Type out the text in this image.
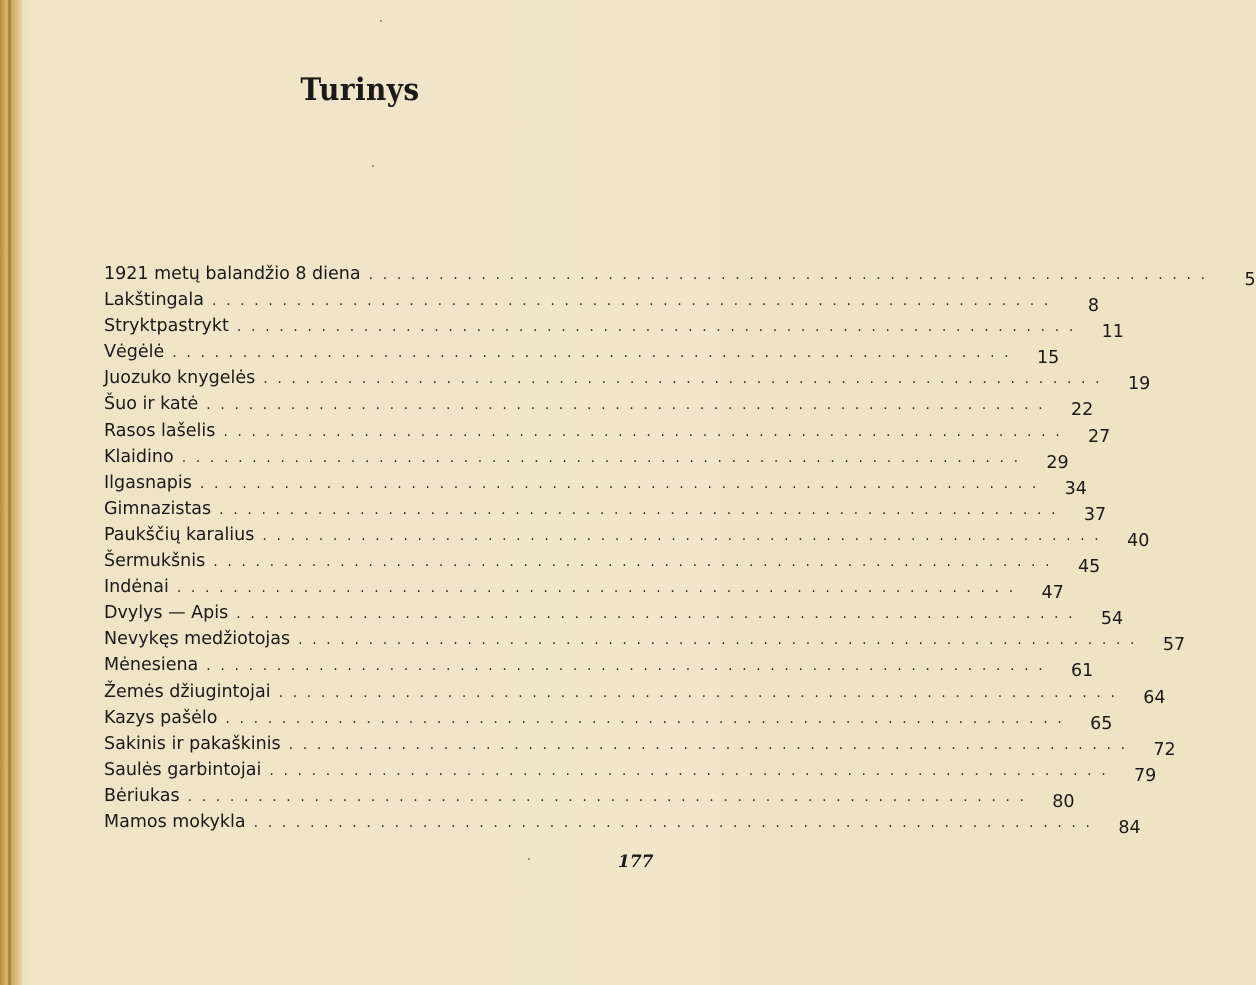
Turinys
1921 metų balandžio 8 diena . . . . . . . . . . . . . . . . . . . . . . . . . . . . . . . . . . . . . . . . . . . . . . . . . . . . . . . . . . . .	5
Lakštingala . . . . . . . . . . . . . . . . . . . . . . . . . . . . . . . . . . . . . . . . . . . . . . . . . . . . . . . . . . . .	8
Stryktpastrykt . . . . . . . . . . . . . . . . . . . . . . . . . . . . . . . . . . . . . . . . . . . . . . . . . . . . . . . . . . . .	11
Vėgėlė . . . . . . . . . . . . . . . . . . . . . . . . . . . . . . . . . . . . . . . . . . . . . . . . . . . . . . . . . . . .	15
Juozuko knygelės . . . . . . . . . . . . . . . . . . . . . . . . . . . . . . . . . . . . . . . . . . . . . . . . . . . . . . . . . . . .	19
Šuo ir katė . . . . . . . . . . . . . . . . . . . . . . . . . . . . . . . . . . . . . . . . . . . . . . . . . . . . . . . . . . . .	22
Rasos lašelis . . . . . . . . . . . . . . . . . . . . . . . . . . . . . . . . . . . . . . . . . . . . . . . . . . . . . . . . . . . .	27
Klaidino . . . . . . . . . . . . . . . . . . . . . . . . . . . . . . . . . . . . . . . . . . . . . . . . . . . . . . . . . . . .	29
Ilgasnapis . . . . . . . . . . . . . . . . . . . . . . . . . . . . . . . . . . . . . . . . . . . . . . . . . . . . . . . . . . . .	34
Gimnazistas . . . . . . . . . . . . . . . . . . . . . . . . . . . . . . . . . . . . . . . . . . . . . . . . . . . . . . . . . . . .	37
Paukščių karalius . . . . . . . . . . . . . . . . . . . . . . . . . . . . . . . . . . . . . . . . . . . . . . . . . . . . . . . . . . . .	40
Šermukšnis . . . . . . . . . . . . . . . . . . . . . . . . . . . . . . . . . . . . . . . . . . . . . . . . . . . . . . . . . . . .	45
Indėnai . . . . . . . . . . . . . . . . . . . . . . . . . . . . . . . . . . . . . . . . . . . . . . . . . . . . . . . . . . . .	47
Dvylys — Apis . . . . . . . . . . . . . . . . . . . . . . . . . . . . . . . . . . . . . . . . . . . . . . . . . . . . . . . . . . . .	54
Nevykęs medžiotojas . . . . . . . . . . . . . . . . . . . . . . . . . . . . . . . . . . . . . . . . . . . . . . . . . . . . . . . . . . . .	57
Mėnesiena . . . . . . . . . . . . . . . . . . . . . . . . . . . . . . . . . . . . . . . . . . . . . . . . . . . . . . . . . . . .	61
Žemės džiugintojai . . . . . . . . . . . . . . . . . . . . . . . . . . . . . . . . . . . . . . . . . . . . . . . . . . . . . . . . . . . .	64
Kazys pašėlo . . . . . . . . . . . . . . . . . . . . . . . . . . . . . . . . . . . . . . . . . . . . . . . . . . . . . . . . . . . .	65
Sakinis ir pakaškinis . . . . . . . . . . . . . . . . . . . . . . . . . . . . . . . . . . . . . . . . . . . . . . . . . . . . . . . . . . . .	72
Saulės garbintojai . . . . . . . . . . . . . . . . . . . . . . . . . . . . . . . . . . . . . . . . . . . . . . . . . . . . . . . . . . . .	79
Bėriukas . . . . . . . . . . . . . . . . . . . . . . . . . . . . . . . . . . . . . . . . . . . . . . . . . . . . . . . . . . . .	80
Mamos mokykla . . . . . . . . . . . . . . . . . . . . . . . . . . . . . . . . . . . . . . . . . . . . . . . . . . . . . . . . . . . .	84
177
